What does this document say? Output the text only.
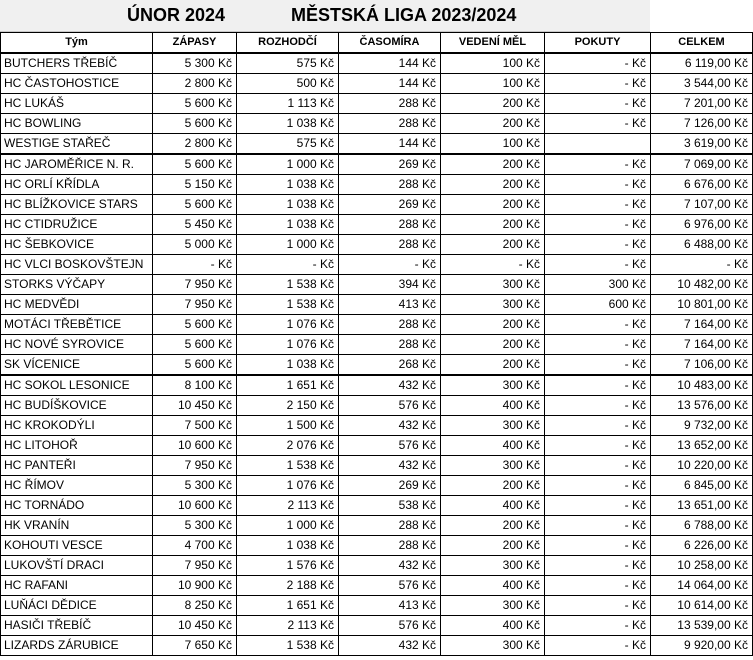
ÚNOR 2024	MĚSTSKÁ LIGA 2023/2024
Tým	ZÁPASY	ROZHODČÍ	ČASOMÍRA	VEDENÍ MĚL	POKUTY	CELKEM
BUTCHERS TŘEBÍČ	5 300 Kč	575 Kč	144 Kč	100 Kč	- Kč	6 119,00 Kč
HC ČASTOHOSTICE	2 800 Kč	500 Kč	144 Kč	100 Kč	- Kč	3 544,00 Kč
HC LUKÁŠ	5 600 Kč	1 113 Kč	288 Kč	200 Kč	- Kč	7 201,00 Kč
HC BOWLING	5 600 Kč	1 038 Kč	288 Kč	200 Kč	- Kč	7 126,00 Kč
WESTIGE STAŘEČ	2 800 Kč	575 Kč	144 Kč	100 Kč		3 619,00 Kč
HC JAROMĚŘICE N. R.	5 600 Kč	1 000 Kč	269 Kč	200 Kč	- Kč	7 069,00 Kč
HC ORLÍ KŘÍDLA	5 150 Kč	1 038 Kč	288 Kč	200 Kč	- Kč	6 676,00 Kč
HC BLÍŽKOVICE STARS	5 600 Kč	1 038 Kč	269 Kč	200 Kč	- Kč	7 107,00 Kč
HC CTIDRUŽICE	5 450 Kč	1 038 Kč	288 Kč	200 Kč	- Kč	6 976,00 Kč
HC ŠEBKOVICE	5 000 Kč	1 000 Kč	288 Kč	200 Kč	- Kč	6 488,00 Kč
HC VLCI BOSKOVŠTEJN	- Kč	- Kč	- Kč	- Kč	- Kč	- Kč
STORKS VÝČAPY	7 950 Kč	1 538 Kč	394 Kč	300 Kč	300 Kč	10 482,00 Kč
HC MEDVĚDI	7 950 Kč	1 538 Kč	413 Kč	300 Kč	600 Kč	10 801,00 Kč
MOTÁCI TŘEBĚTICE	5 600 Kč	1 076 Kč	288 Kč	200 Kč	- Kč	7 164,00 Kč
HC NOVÉ SYROVICE	5 600 Kč	1 076 Kč	288 Kč	200 Kč	- Kč	7 164,00 Kč
SK VÍCENICE	5 600 Kč	1 038 Kč	268 Kč	200 Kč	- Kč	7 106,00 Kč
HC SOKOL LESONICE	8 100 Kč	1 651 Kč	432 Kč	300 Kč	- Kč	10 483,00 Kč
HC BUDÍŠKOVICE	10 450 Kč	2 150 Kč	576 Kč	400 Kč	- Kč	13 576,00 Kč
HC KROKODÝLI	7 500 Kč	1 500 Kč	432 Kč	300 Kč	- Kč	9 732,00 Kč
HC LITOHOŘ	10 600 Kč	2 076 Kč	576 Kč	400 Kč	- Kč	13 652,00 Kč
HC PANTEŘI	7 950 Kč	1 538 Kč	432 Kč	300 Kč	- Kč	10 220,00 Kč
HC ŘÍMOV	5 300 Kč	1 076 Kč	269 Kč	200 Kč	- Kč	6 845,00 Kč
HC TORNÁDO	10 600 Kč	2 113 Kč	538 Kč	400 Kč	- Kč	13 651,00 Kč
HK VRANÍN	5 300 Kč	1 000 Kč	288 Kč	200 Kč	- Kč	6 788,00 Kč
KOHOUTI VESCE	4 700 Kč	1 038 Kč	288 Kč	200 Kč	- Kč	6 226,00 Kč
LUKOVŠTÍ DRACI	7 950 Kč	1 576 Kč	432 Kč	300 Kč	- Kč	10 258,00 Kč
HC RAFANI	10 900 Kč	2 188 Kč	576 Kč	400 Kč	- Kč	14 064,00 Kč
LUŇÁCI DĚDICE	8 250 Kč	1 651 Kč	413 Kč	300 Kč	- Kč	10 614,00 Kč
HASIČI TŘEBÍČ	10 450 Kč	2 113 Kč	576 Kč	400 Kč	- Kč	13 539,00 Kč
LIZARDS ZÁRUBICE	7 650 Kč	1 538 Kč	432 Kč	300 Kč	- Kč	9 920,00 Kč
